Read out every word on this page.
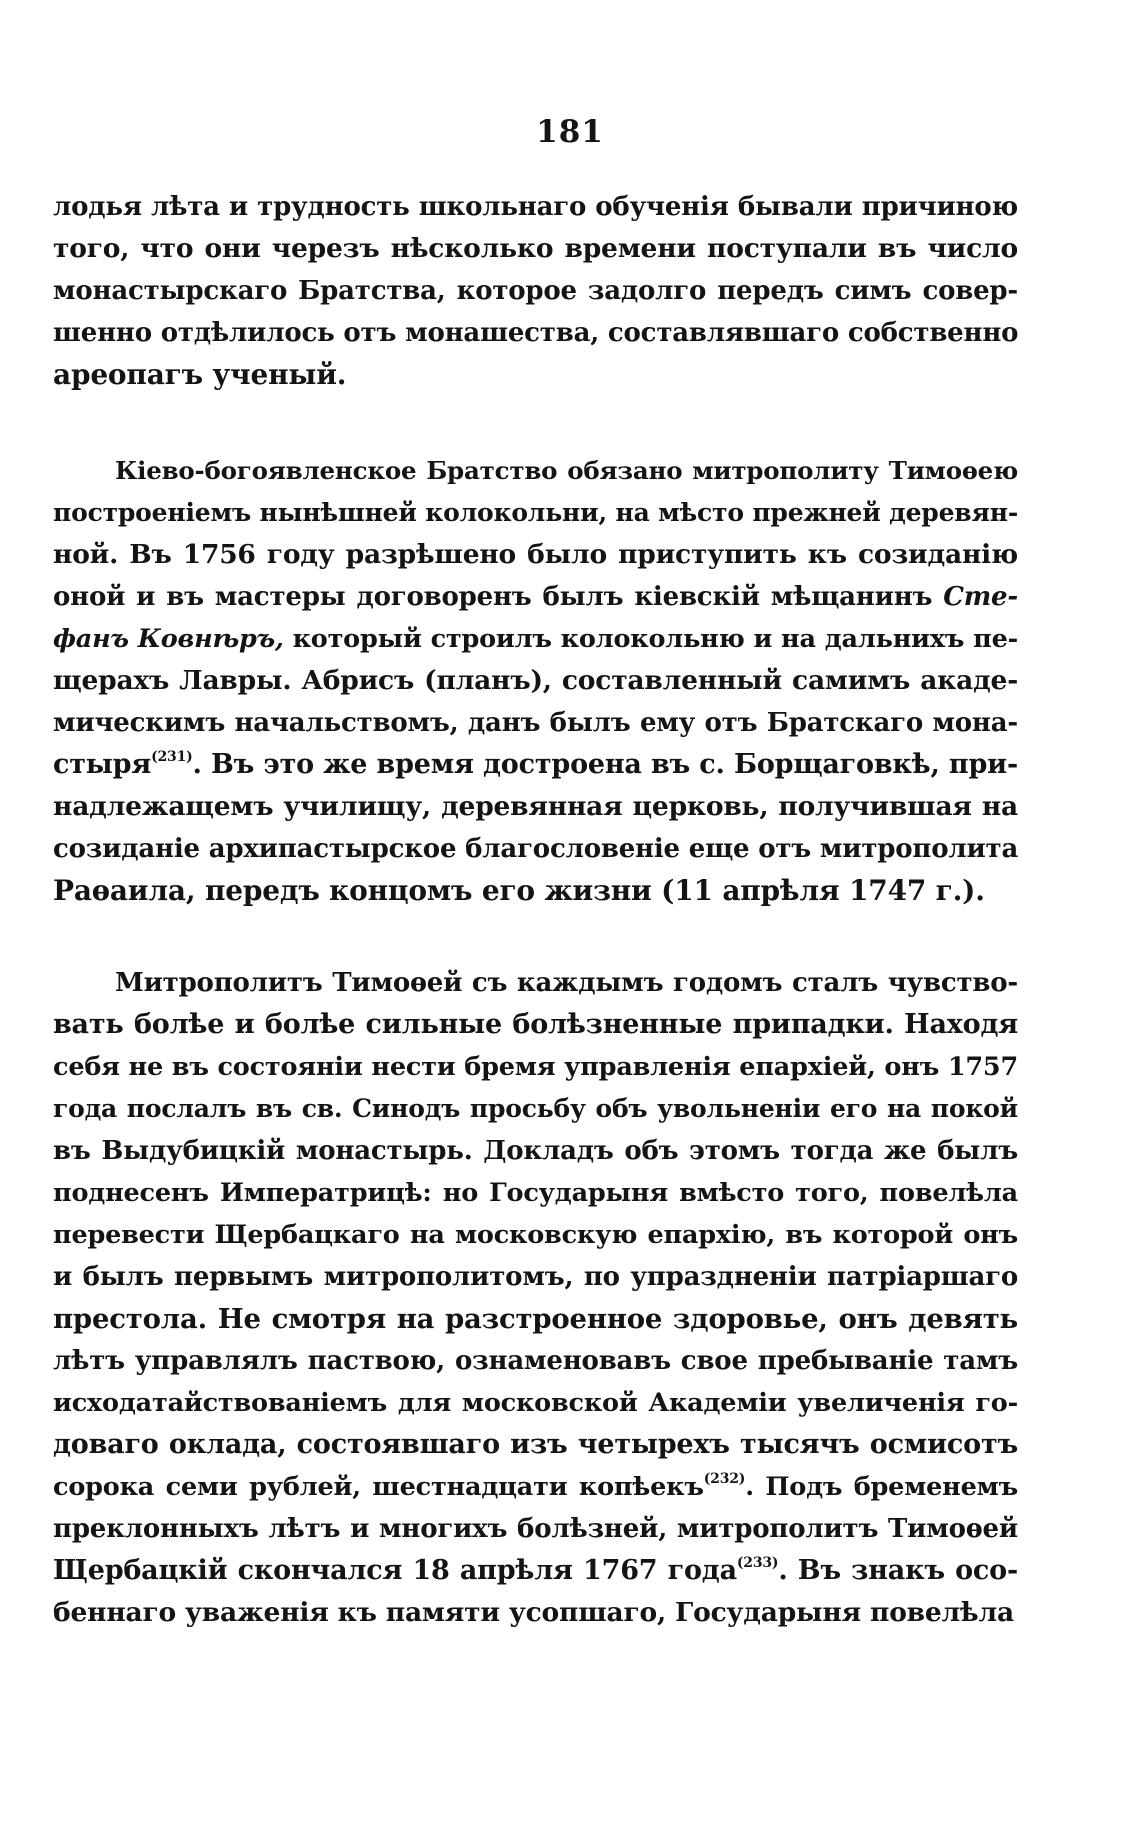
181
лодья лѣта и трудность школьнаго обученія бывали причиною
того, что они черезъ нѣсколько времени поступали въ число
монастырскаго Братства, которое задолго передъ симъ совер-
шенно отдѣлилось отъ монашества, составлявшаго собственно
ареопагъ ученый.
Кіево-богоявленское Братство обязано митрополиту Тимоѳею
построеніемъ нынѣшней колокольни, на мѣсто прежней деревян-
ной. Въ 1756 году разрѣшено было приступить къ созиданію
оной и въ мастеры договоренъ былъ кіевскій мѣщанинъ Сте-
фанъ Ковнѣръ, который строилъ колокольню и на дальнихъ пе-
щерахъ Лавры. Абрисъ (планъ), составленный самимъ акаде-
мическимъ начальствомъ, данъ былъ ему отъ Братскаго мона-
стыря$^{(231)}$. Въ это же время достроена въ с. Борщаговкѣ, при-
надлежащемъ училищу, деревянная церковь, получившая на
созиданіе архипастырское благословеніе еще отъ митрополита
Раѳаила, передъ концомъ его жизни (11 апрѣля 1747 г.).
Митрополитъ Тимоѳей съ каждымъ годомъ сталъ чувство-
вать болѣе и болѣе сильные болѣзненные припадки. Находя
себя не въ состояніи нести бремя управленія епархіей, онъ 1757
года послалъ въ св. Синодъ просьбу объ увольненіи его на покой
въ Выдубицкій монастырь. Докладъ объ этомъ тогда же былъ
поднесенъ Императрицѣ: но Государыня вмѣсто того, повелѣла
перевести Щербацкаго на московскую епархію, въ которой онъ
и былъ первымъ митрополитомъ, по упраздненіи патріаршаго
престола. Не смотря на разстроенное здоровье, онъ девять
лѣтъ управлялъ паствою, ознаменовавъ свое пребываніе тамъ
исходатайствованіемъ для московской Академіи увеличенія го-
доваго оклада, состоявшаго изъ четырехъ тысячъ осмисотъ
сорока семи рублей, шестнадцати копѣекъ$^{(232)}$. Подъ бременемъ
преклонныхъ лѣтъ и многихъ болѣзней, митрополитъ Тимоѳей
Щербацкій скончался 18 апрѣля 1767 года$^{(233)}$. Въ знакъ осо-
беннаго уваженія къ памяти усопшаго, Государыня повелѣла
